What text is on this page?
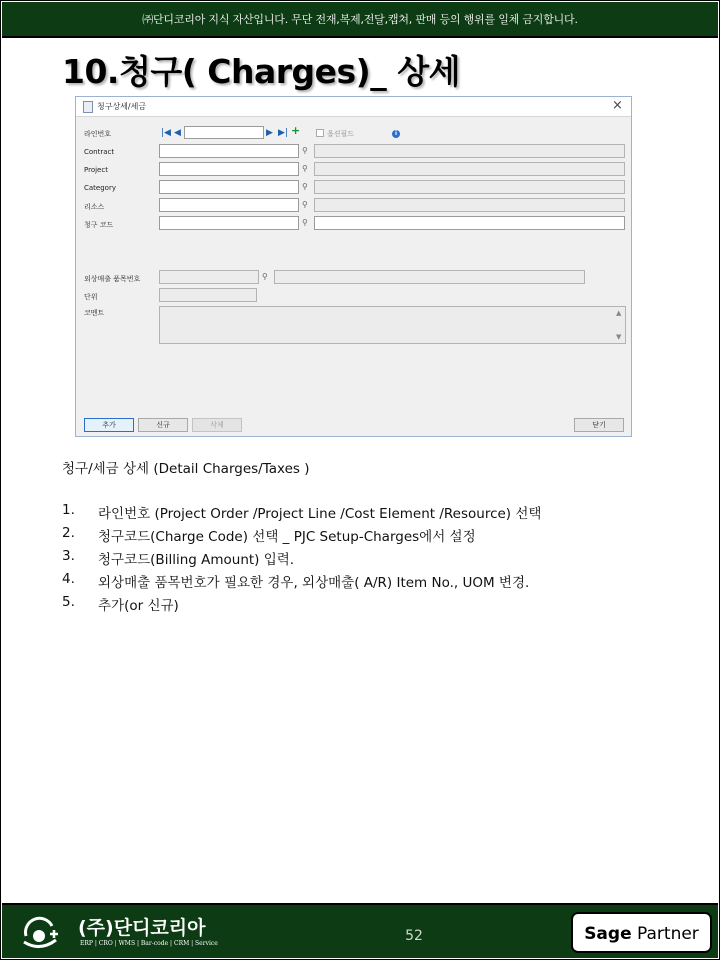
㈜단디코리아 지식 자산입니다. 무단 전재,복제,전달,캡쳐, 판매 등의 행위를 일체 금지합니다.
10.청구( Charges)_ 상세
청구상세/세금	×
라인번호	|◀ ◀	▶ ▶| +	옵션필드	i
Contract	⚲
Project	⚲
Category	⚲
리소스	⚲
청구 코드	⚲
외상매출 품목번호	⚲
단위
코멘트	▲
▼
추가	신규	삭제	닫기
청구/세금 상세 (Detail Charges/Taxes )
1. 라인번호 (Project Order /Project Line /Cost Element /Resource) 선택
2. 청구코드(Charge Code) 선택 _ PJC Setup-Charges에서 설정
3. 청구코드(Billing Amount) 입력.
4. 외상매출 품목번호가 필요한 경우, 외상매출( A/R) Item No., UOM 변경.
5. 추가(or 신규)
(주)단디코리아
ERP | CRO | WMS | Bar-code | CRM | Service	52	Sage Partner
